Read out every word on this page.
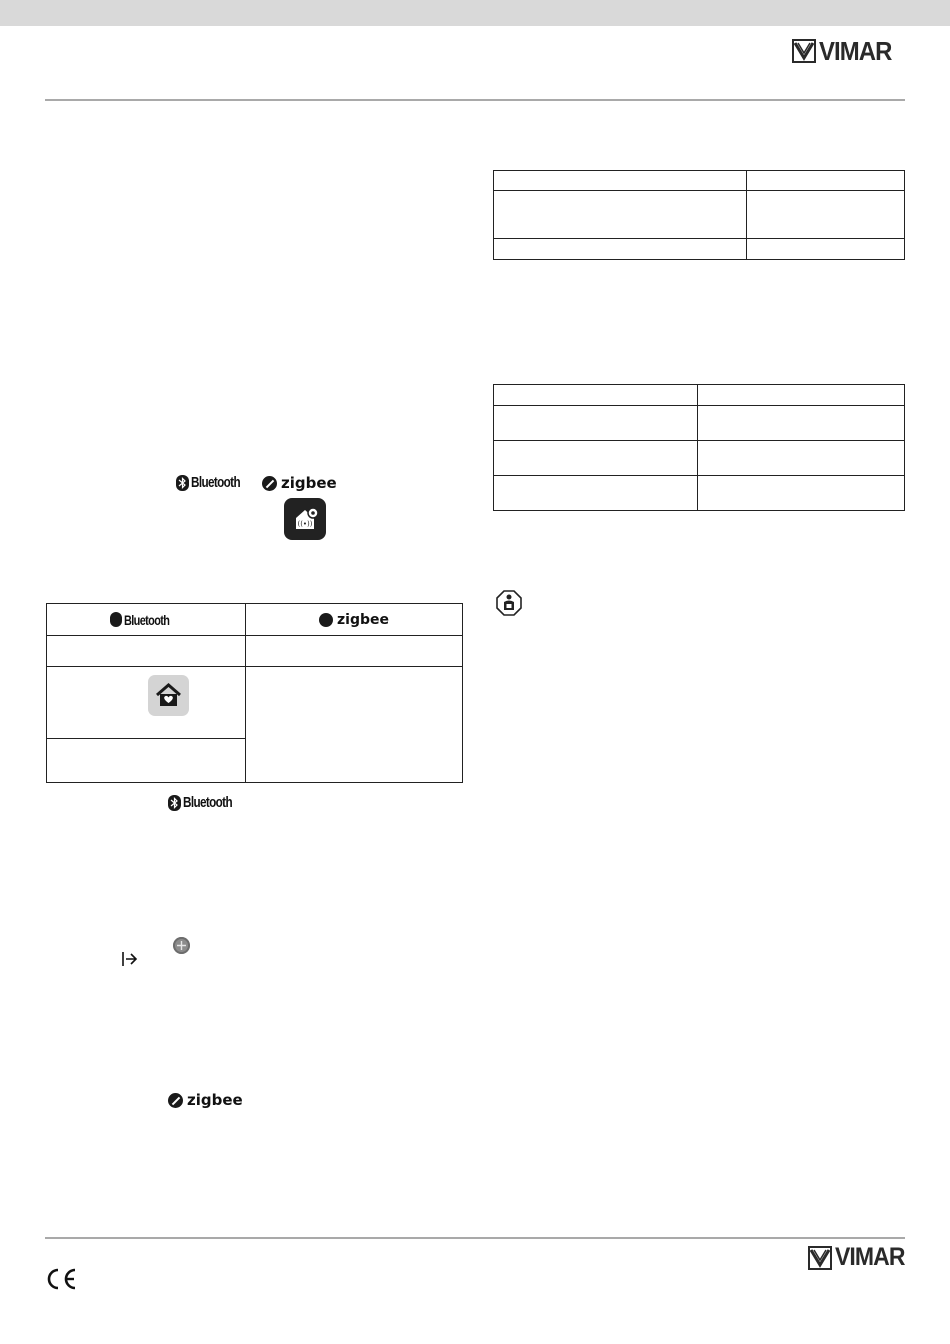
VIMAR
Bluetooth	zigbee
((•))
Bluetooth	zigbee

Bluetooth
zigbee

VIMAR
